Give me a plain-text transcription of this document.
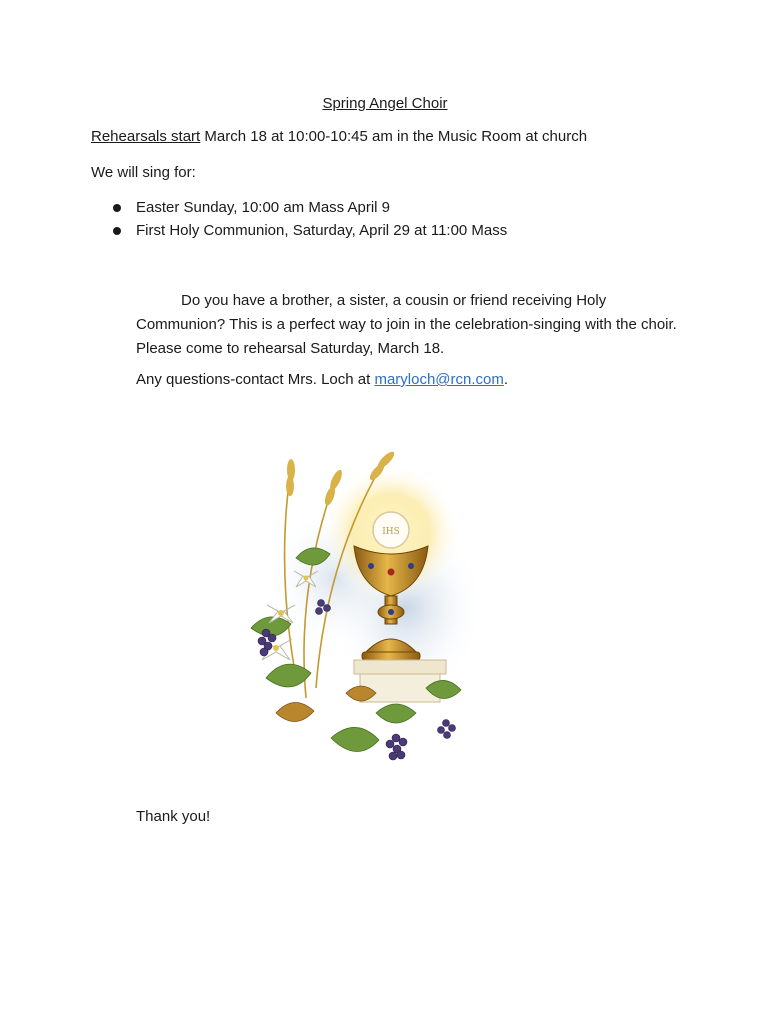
Spring Angel Choir
Rehearsals start March 18 at 10:00-10:45 am in the Music Room at church
We will sing for:
Easter Sunday, 10:00 am Mass April 9
First Holy Communion, Saturday, April 29 at 11:00 Mass
Do you have a brother, a sister, a cousin or friend receiving Holy Communion? This is a perfect way to join in the celebration-singing with the choir. Please come to rehearsal Saturday, March 18.
Any questions-contact Mrs. Loch at maryloch@rcn.com.
IHS
Thank you!
